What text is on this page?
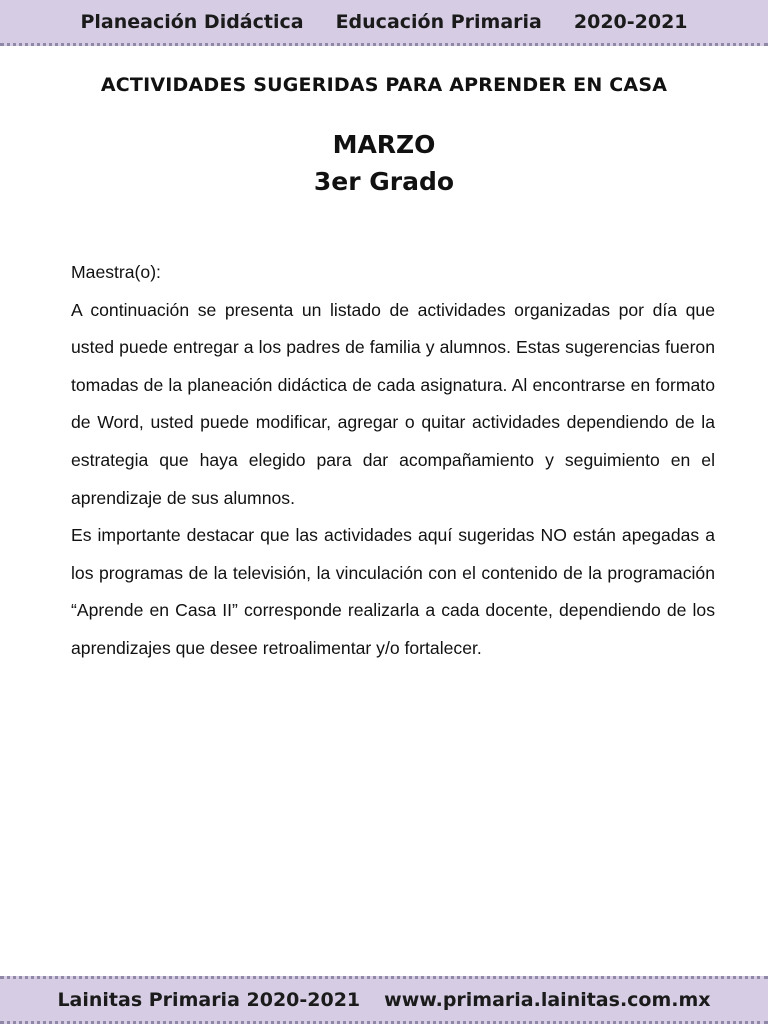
Planeación Didáctica Educación Primaria 2020-2021
ACTIVIDADES SUGERIDAS PARA APRENDER EN CASA
MARZO
3er Grado

Maestra(o):

A continuación se presenta un listado de actividades organizadas por día que usted puede entregar a los padres de familia y alumnos. Estas sugerencias fueron tomadas de la planeación didáctica de cada asignatura. Al encontrarse en formato de Word, usted puede modificar, agregar o quitar actividades dependiendo de la estrategia que haya elegido para dar acompañamiento y seguimiento en el aprendizaje de sus alumnos.

Es importante destacar que las actividades aquí sugeridas NO están apegadas a los programas de la televisión, la vinculación con el contenido de la programación “Aprende en Casa II” corresponde realizarla a cada docente, dependiendo de los aprendizajes que desee retroalimentar y/o fortalecer.

Lainitas Primaria 2020-2021 www.primaria.lainitas.com.mx
